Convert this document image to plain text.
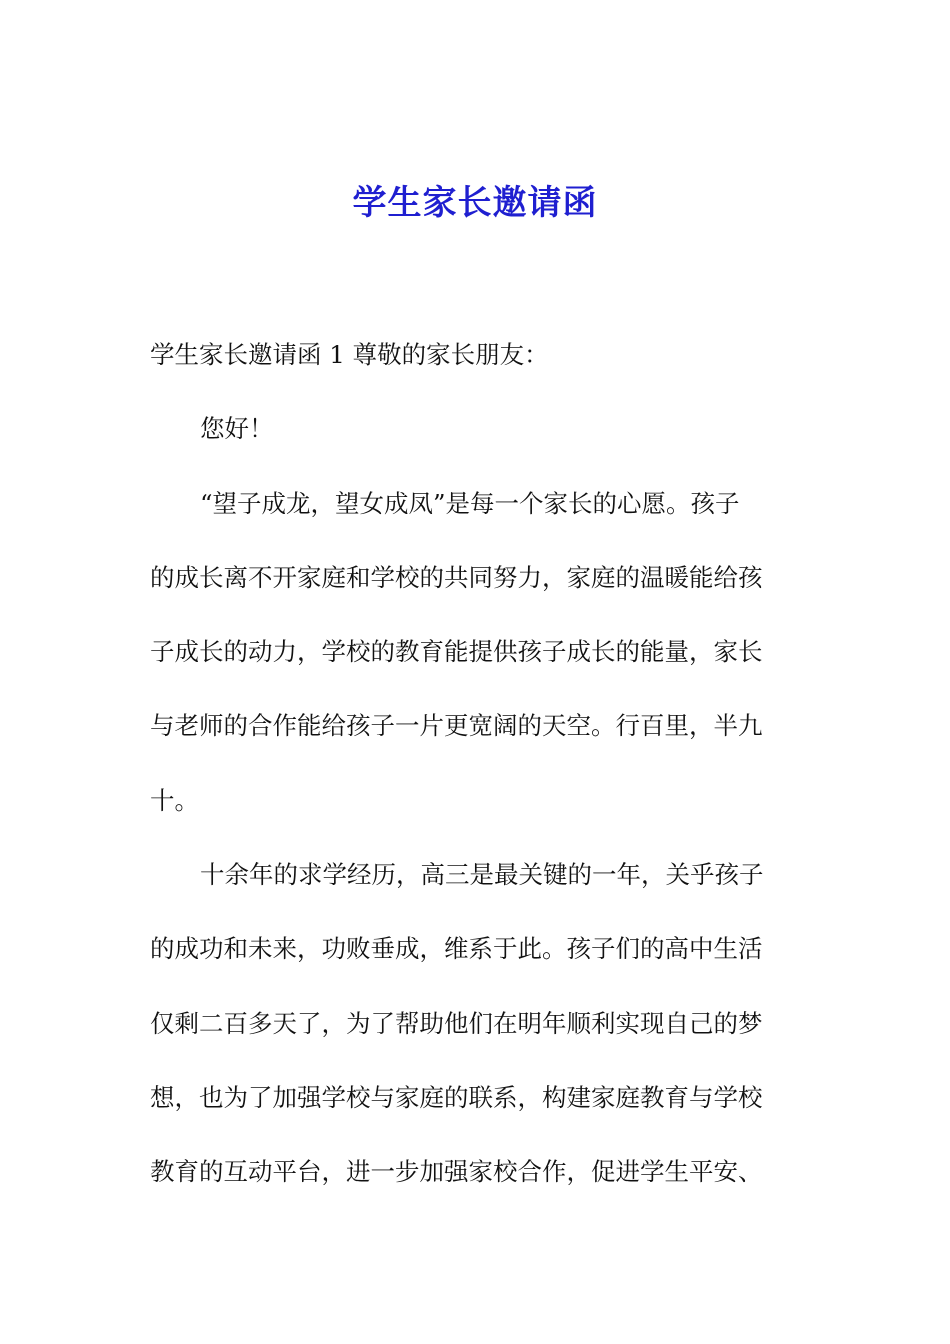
学生家长邀请函
学生家长邀请函 1 尊敬的家长朋友：
您好！
“望子成龙，望女成凤”是每一个家长的心愿。孩子
的成长离不开家庭和学校的共同努力，家庭的温暖能给孩
子成长的动力，学校的教育能提供孩子成长的能量，家长
与老师的合作能给孩子一片更宽阔的天空。行百里，半九
十。
十余年的求学经历，高三是最关键的一年，关乎孩子
的成功和未来，功败垂成，维系于此。孩子们的高中生活
仅剩二百多天了，为了帮助他们在明年顺利实现自己的梦
想，也为了加强学校与家庭的联系，构建家庭教育与学校
教育的互动平台，进一步加强家校合作，促进学生平安、
